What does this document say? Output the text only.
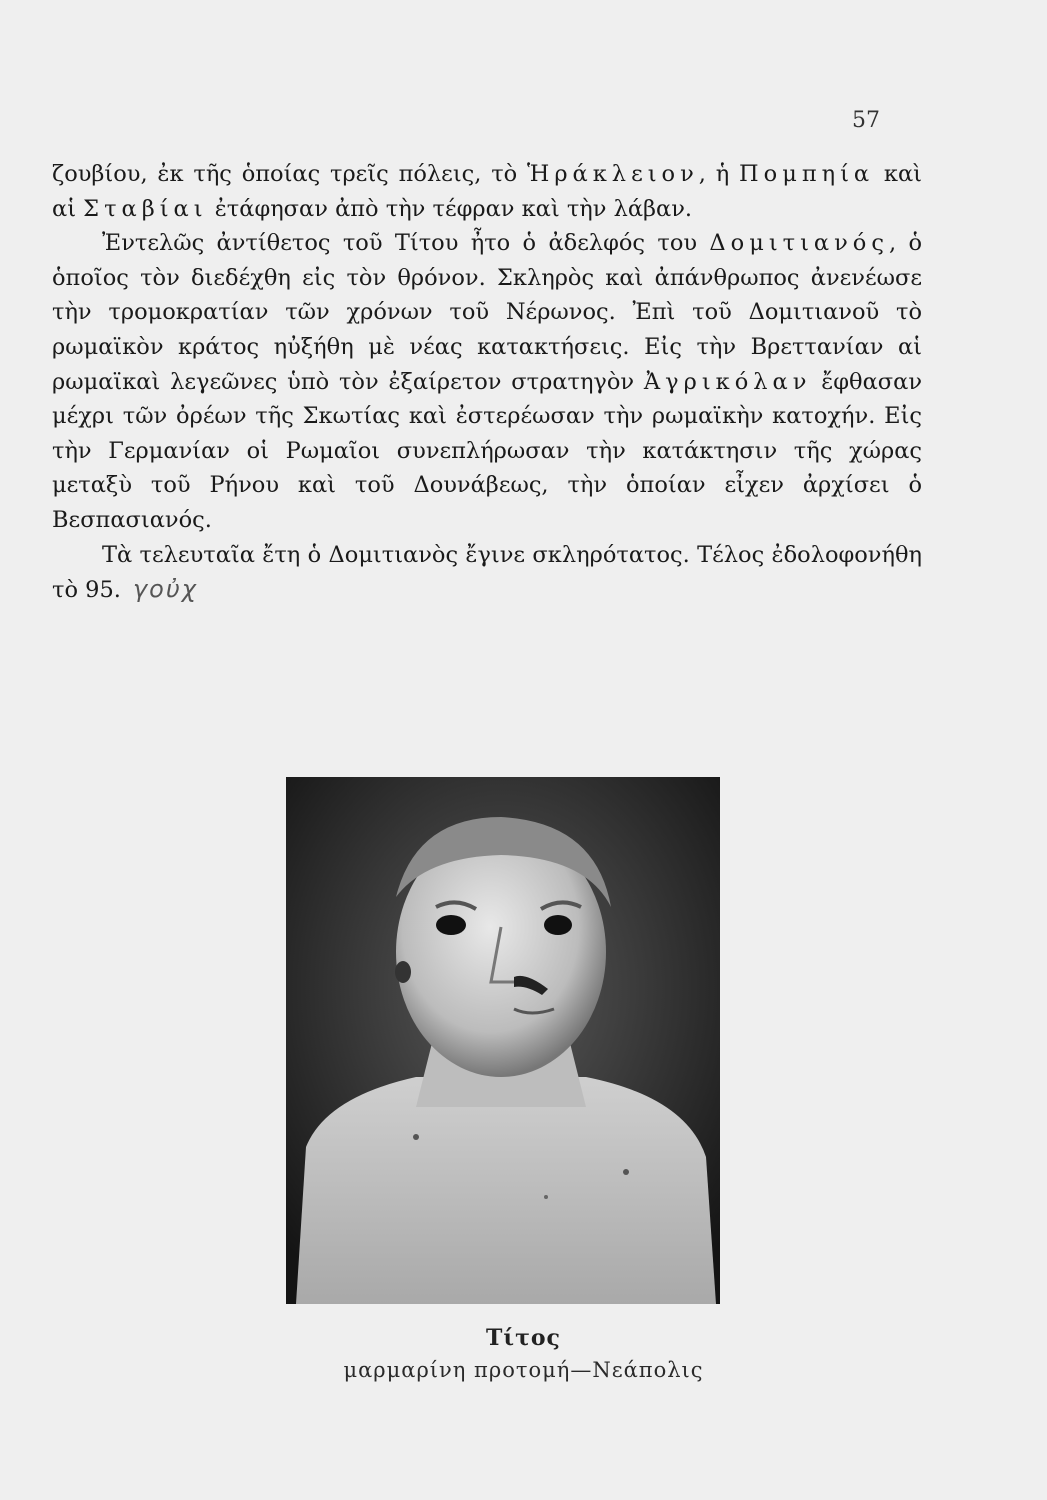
57

ζουβίου, ἐκ τῆς ὁποίας τρεῖς πόλεις, τὸ Ἡράκλειον, ἡ Πομπηία καὶ αἱ Σταβίαι ἐτάφησαν ἀπὸ τὴν τέφραν καὶ τὴν λάβαν.

Ἐντελῶς ἀντίθετος τοῦ Τίτου ἦτο ὁ ἀδελφός του Δομιτιανός, ὁ ὁποῖος τὸν διεδέχθη εἰς τὸν θρόνον. Σκληρὸς καὶ ἀπάνθρωπος ἀνενέωσε τὴν τρομοκρατίαν τῶν χρόνων τοῦ Νέρωνος. Ἐπὶ τοῦ Δομιτιανοῦ τὸ ρωμαϊκὸν κράτος ηὐξήθη μὲ νέας κατακτήσεις. Εἰς τὴν Βρεττανίαν αἱ ρωμαϊκαὶ λεγεῶνες ὑπὸ τὸν ἐξαίρετον στρατηγὸν Ἀγρικόλαν ἔφθασαν μέχρι τῶν ὀρέων τῆς Σκωτίας καὶ ἐστερέωσαν τὴν ρωμαϊκὴν κατοχήν. Εἰς τὴν Γερμανίαν οἱ Ρωμαῖοι συνεπλήρωσαν τὴν κατάκτησιν τῆς χώρας μεταξὺ τοῦ Ρήνου καὶ τοῦ Δουνάβεως, τὴν ὁποίαν εἶχεν ἀρχίσει ὁ Βεσπασιανός.

Τὰ τελευταῖα ἔτη ὁ Δομιτιανὸς ἔγινε σκληρότατος. Τέλος ἐδολοφονήθη τὸ 95. γοὐχ

Τίτος
μαρμαρίνη προτομή—Νεάπολις
